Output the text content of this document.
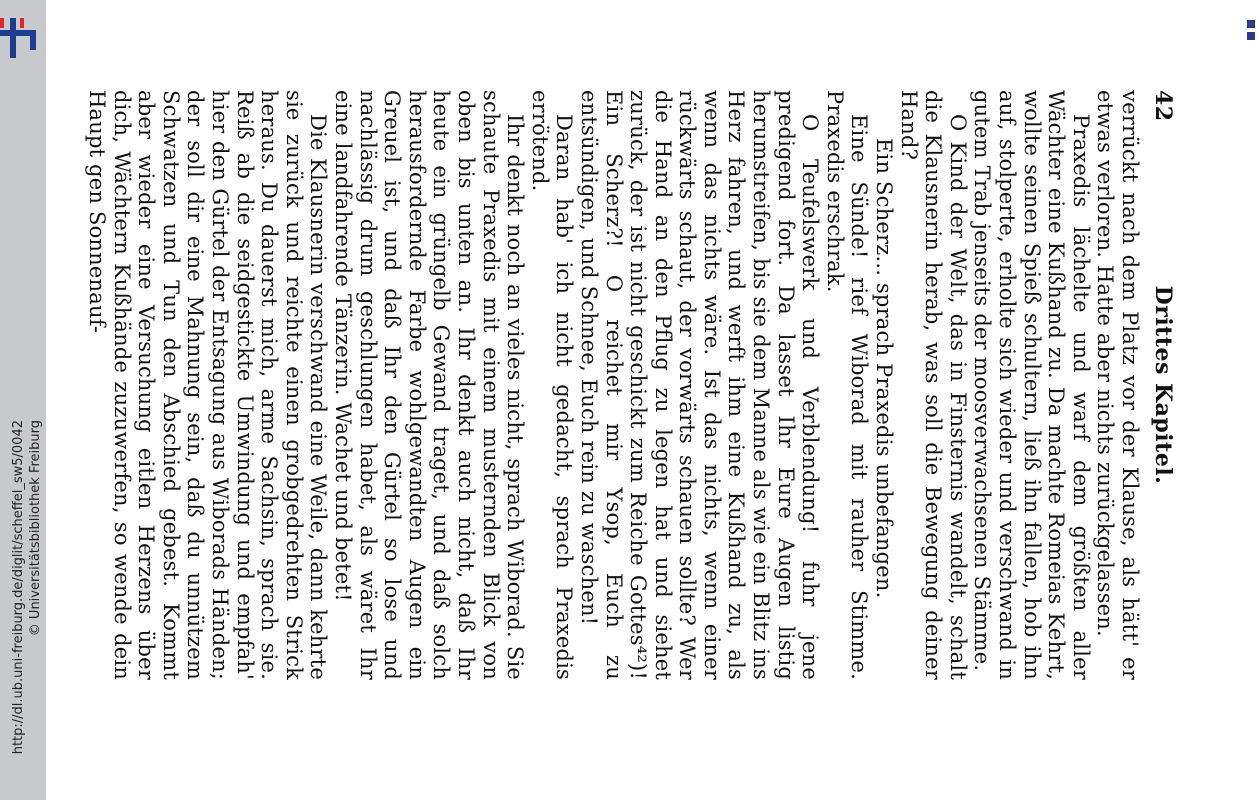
http://dl.ub.uni-freiburg.de/diglit/scheffel_sw5/0042 © Universitätsbibliothek Freiburg
42
Drittes Kapitel.

verrückt nach dem Platz vor der Klause, als hätt' er etwas verloren. Hatte aber nichts zurückgelassen.

Praxedis lächelte und warf dem größten aller Wächter eine Kußhand zu. Da machte Romeias Kehrt, wollte seinen Spieß schultern, ließ ihn fallen, hob ihn auf, stolperte, erholte sich wieder und verschwand in gutem Trab jenseits der moosverwachsenen Stämme.

O Kind der Welt, das in Finsternis wandelt, schalt die Klausnerin herab, was soll die Bewegung deiner Hand?

Ein Scherz... sprach Praxedis unbefangen.

Eine Sünde! rief Wiborad mit rauher Stimme. Praxedis erschrak.

O Teufelswerk und Verblendung! fuhr jene predigend fort. Da lasset Ihr Eure Augen listig herumstreifen, bis sie dem Manne als wie ein Blitz ins Herz fahren, und werft ihm eine Kußhand zu, als wenn das nichts wäre. Ist das nichts, wenn einer rückwärts schaut, der vorwärts schauen sollte? Wer die Hand an den Pflug zu legen hat und siehet zurück, der ist nicht geschickt zum Reiche Gottes⁴²)! Ein Scherz?! O reichet mir Ysop, Euch zu entsündigen, und Schnee, Euch rein zu waschen!

Daran hab' ich nicht gedacht, sprach Praxedis errötend.

Ihr denkt noch an vieles nicht, sprach Wiborad. Sie schaute Praxedis mit einem musternden Blick von oben bis unten an. Ihr denkt auch nicht, daß Ihr heute ein grüngelb Gewand traget, und daß solch herausfordernde Farbe wohlgewandten Augen ein Greuel ist, und daß Ihr den Gürtel so lose und nachlässig drum geschlungen habet, als wäret Ihr eine landfahrende Tänzerin. Wachet und betet!

Die Klausnerin verschwand eine Weile, dann kehrte sie zurück und reichte einen grobgedrehten Strick heraus. Du dauerst mich, arme Sachsin, sprach sie. Reiß ab die seidgestickte Umwindung und empfah' hier den Gürtel der Entsagung aus Wiborads Händen; der soll dir eine Mahnung sein, daß du unnützem Schwatzen und Tun den Abschied gebest. Kommt aber wieder eine Versuchung eitlen Herzens über dich, Wächtern Kußhände zuzuwerfen, so wende dein Haupt gen Sonnenauf-
